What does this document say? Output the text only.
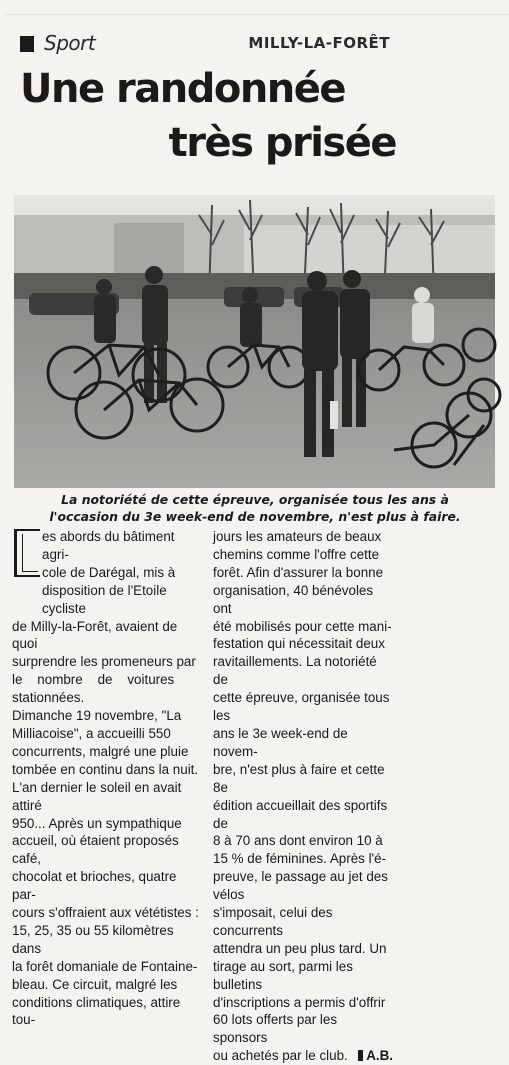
Sport	MILLY-LA-FORÊT
Une randonnée
très prisée
La notoriété de cette épreuve, organisée tous les ans à
l'occasion du 3e week-end de novembre, n'est plus à faire.
es abords du bâtiment agri-
cole de Darégal, mis à
disposition de l'Etoile cycliste
de Milly-la-Forêt, avaient de quoi
surprendre les promeneurs par
le    nombre    de    voitures
stationnées.
Dimanche 19 novembre, "La
Milliacoise", a accueilli 550
concurrents, malgré une pluie
tombée en continu dans la nuit.
L'an dernier le soleil en avait attiré
950... Après un sympathique
accueil, où étaient proposés café,
chocolat et brioches, quatre par-
cours s'offraient aux vététistes :
15, 25, 35 ou 55 kilomètres dans
la forêt domaniale de Fontaine-
bleau. Ce circuit, malgré les
conditions climatiques, attire tou-
jours les amateurs de beaux
chemins comme l'offre cette
forêt. Afin d'assurer la bonne
organisation, 40 bénévoles ont
été mobilisés pour cette mani-
festation qui nécessitait deux
ravitaillements. La notoriété de
cette épreuve, organisée tous les
ans le 3e week-end de novem-
bre, n'est plus à faire et cette 8e
édition accueillait des sportifs de
8 à 70 ans dont environ 10 à
15 % de féminines. Après l'é-
preuve, le passage au jet des vélos
s'imposait, celui des concurrents
attendra un peu plus tard. Un
tirage au sort, parmi les bulletins
d'inscriptions a permis d'offrir
60 lots offerts par les sponsors
ou achetés par le club.	A.B.
